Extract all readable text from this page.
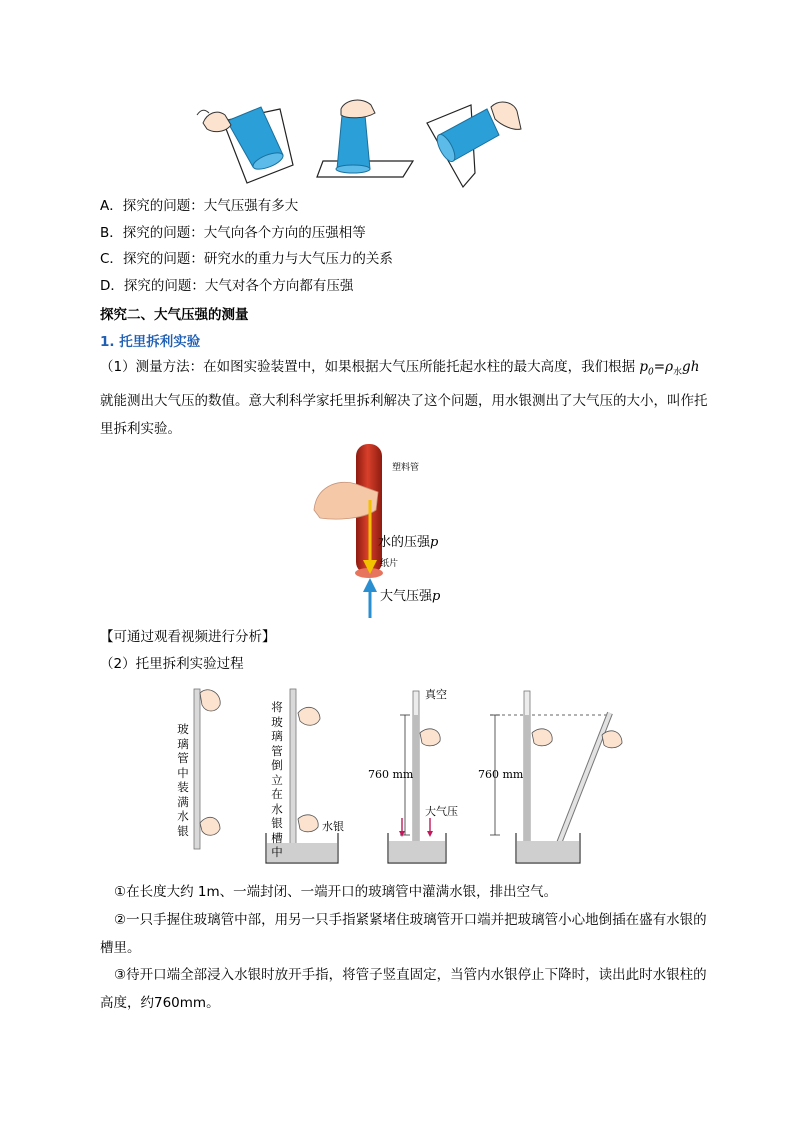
A．探究的问题：大气压强有多大
B．探究的问题：大气向各个方向的压强相等
C．探究的问题：研究水的重力与大气压力的关系
D．探究的问题：大气对各个方向都有压强
探究二、大气压强的测量
1. 托里拆利实验
（1）测量方法：在如图实验装置中，如果根据大气压所能托起水柱的最大高度，我们根据 $p_0=\rho_水gh$就能测出大气压的数值。意大利科学家托里拆利解决了这个问题，用水银测出了大气压的大小，叫作托里拆利实验。
塑料管
水的压强p
纸片
大气压强p
【可通过观看视频进行分析】
（2）托里拆利实验过程
玻璃管中装满水银
将玻璃管倒立在水银槽中
水银
真空
760 mm
大气压
760 mm
①在长度大约 1m、一端封闭、一端开口的玻璃管中灌满水银，排出空气。
②一只手握住玻璃管中部，用另一只手指紧紧堵住玻璃管开口端并把玻璃管小心地倒插在盛有水银的槽里。
③待开口端全部浸入水银时放开手指，将管子竖直固定，当管内水银停止下降时，读出此时水银柱的高度，约760mm。
